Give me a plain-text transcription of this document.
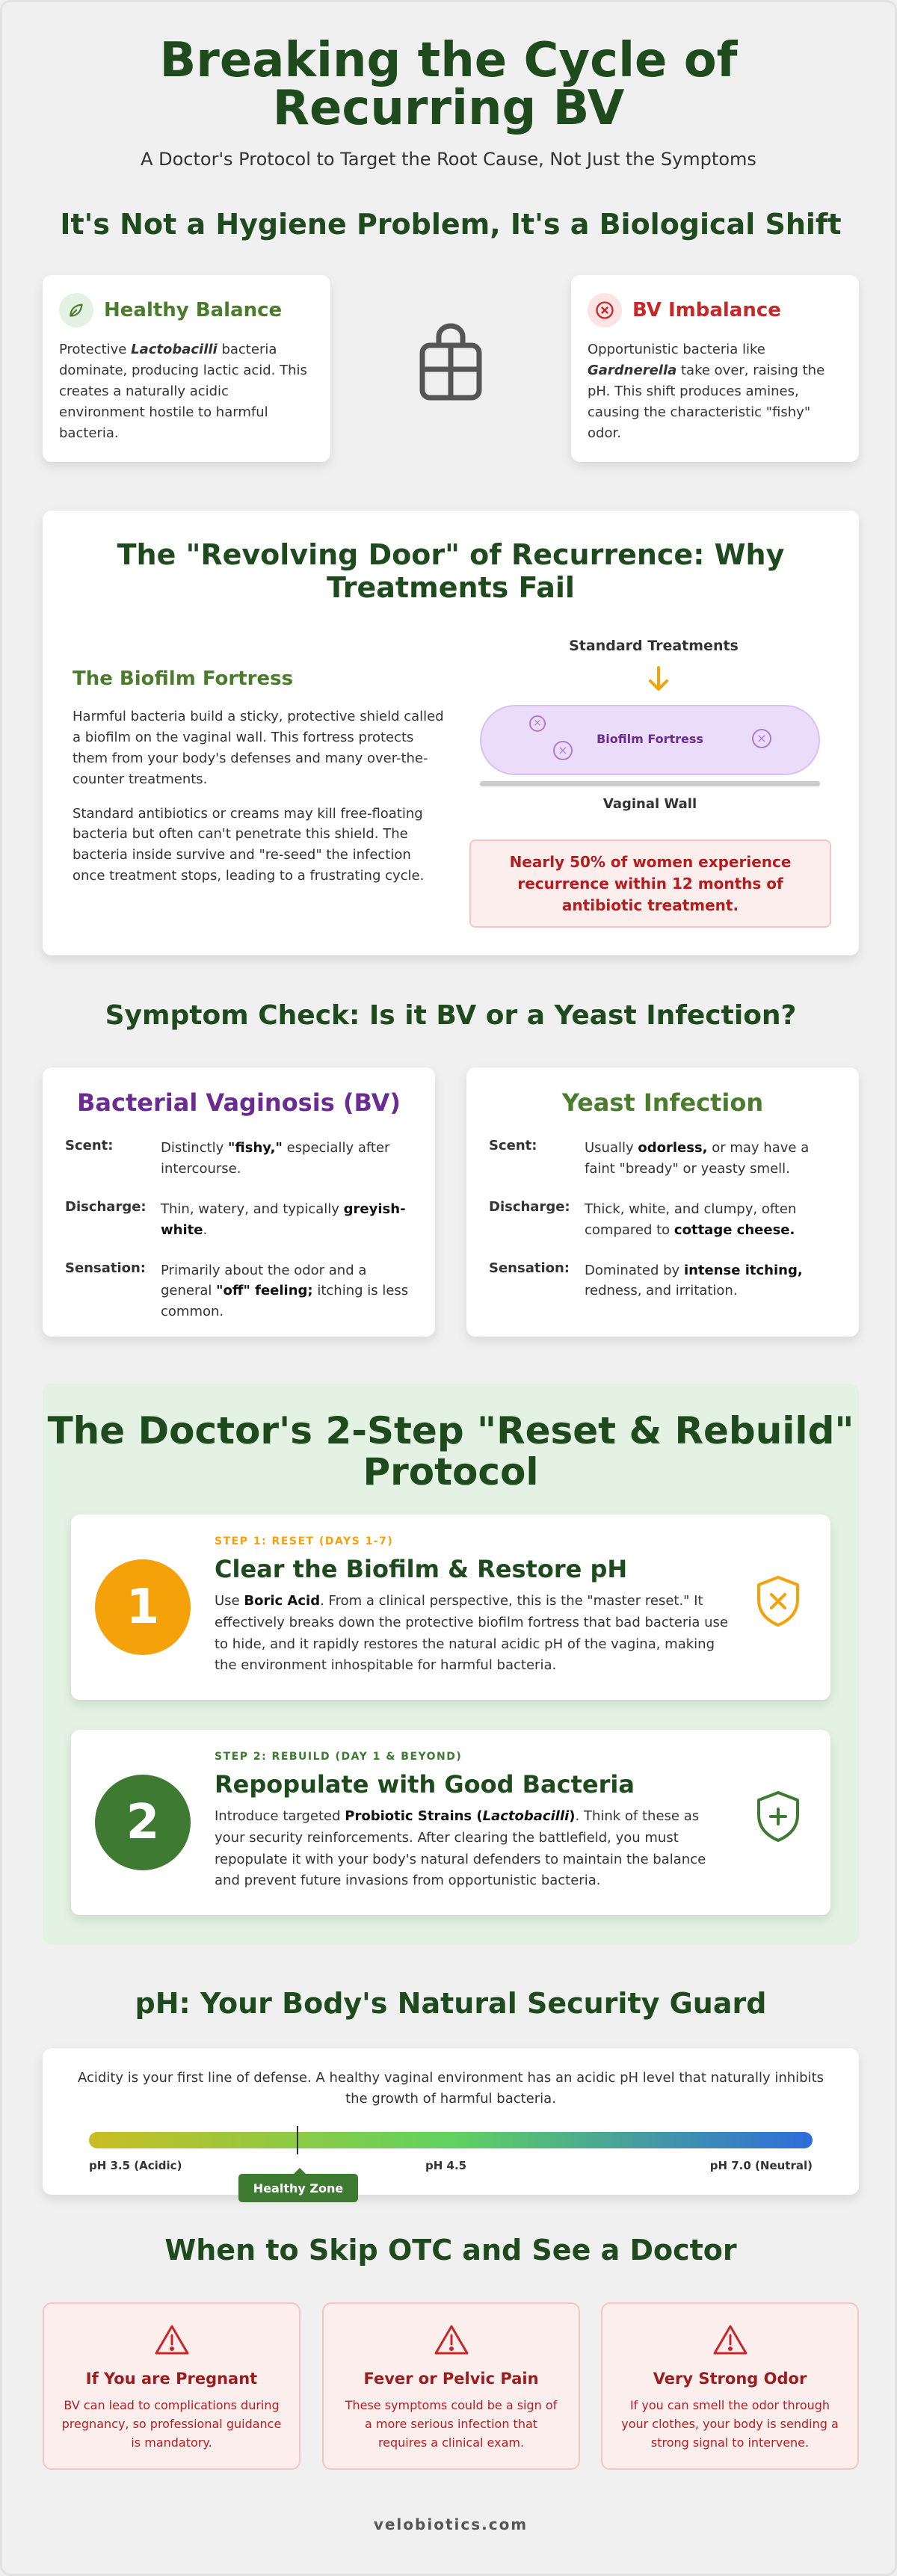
Breaking the Cycle of Recurring BV
A Doctor's Protocol to Target the Root Cause, Not Just the Symptoms
It's Not a Hygiene Problem, It's a Biological Shift
Healthy Balance

Protective Lactobacilli bacteria dominate, producing lactic acid. This creates a naturally acidic environment hostile to harmful bacteria.

BV Imbalance

Opportunistic bacteria like Gardnerella take over, raising the pH. This shift produces amines, causing the characteristic "fishy" odor.

The "Revolving Door" of Recurrence: Why Treatments Fail
The Biofilm Fortress

Harmful bacteria build a sticky, protective shield called a biofilm on the vaginal wall. This fortress protects them from your body's defenses and many over-the-counter treatments.

Standard antibiotics or creams may kill free-floating bacteria but often can't penetrate this shield. The bacteria inside survive and "re-seed" the infection once treatment stops, leading to a frustrating cycle.

Standard Treatments
×
×
×
Biofilm Fortress
Vaginal Wall
Nearly 50% of women experience recurrence within 12 months of antibiotic treatment.
Symptom Check: Is it BV or a Yeast Infection?
Bacterial Vaginosis (BV)
Scent:	Distinctly "fishy," especially after intercourse.
Discharge:	Thin, watery, and typically greyish-white.
Sensation:	Primarily about the odor and a general "off" feeling; itching is less common.
Yeast Infection
Scent:	Usually odorless, or may have a faint "bready" or yeasty smell.
Discharge:	Thick, white, and clumpy, often compared to cottage cheese.
Sensation:	Dominated by intense itching, redness, and irritation.
The Doctor's 2-Step "Reset & Rebuild" Protocol
1
STEP 1: RESET (DAYS 1-7)
Clear the Biofilm & Restore pH
Use Boric Acid. From a clinical perspective, this is the "master reset." It effectively breaks down the protective biofilm fortress that bad bacteria use to hide, and it rapidly restores the natural acidic pH of the vagina, making the environment inhospitable for harmful bacteria.
2
STEP 2: REBUILD (DAY 1 & BEYOND)
Repopulate with Good Bacteria
Introduce targeted Probiotic Strains (Lactobacilli). Think of these as your security reinforcements. After clearing the battlefield, you must repopulate it with your body's natural defenders to maintain the balance and prevent future invasions from opportunistic bacteria.
pH: Your Body's Natural Security Guard

Acidity is your first line of defense. A healthy vaginal environment has an acidic pH level that naturally inhibits the growth of harmful bacteria.

pH 3.5 (Acidic)	pH 4.5	pH 7.0 (Neutral)
Healthy Zone
When to Skip OTC and See a Doctor
If You are Pregnant

BV can lead to complications during pregnancy, so professional guidance is mandatory.

Fever or Pelvic Pain

These symptoms could be a sign of a more serious infection that requires a clinical exam.

Very Strong Odor

If you can smell the odor through your clothes, your body is sending a strong signal to intervene.

velobiotics.com
